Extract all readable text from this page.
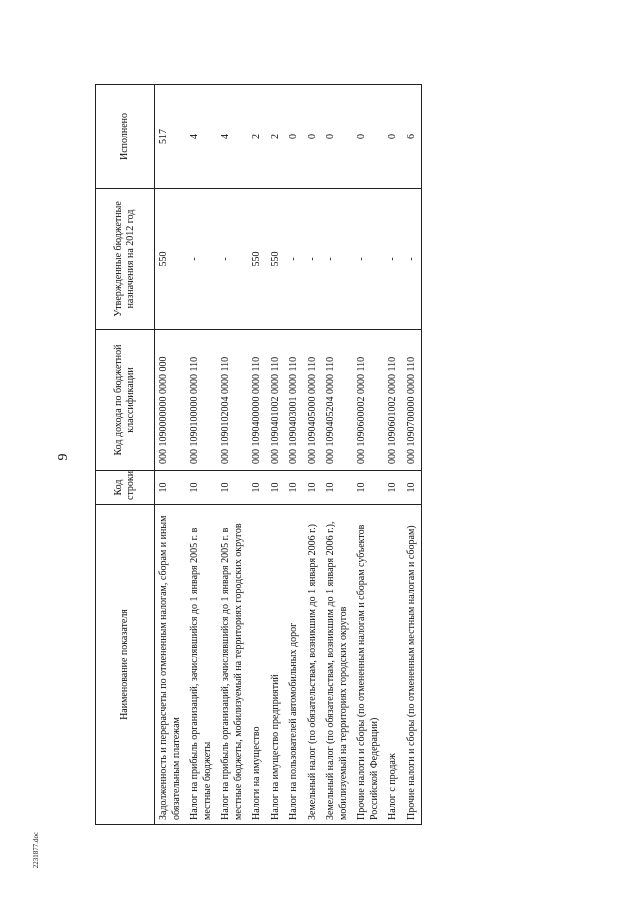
9
Наименование показателя	Код строки	Код дохода по бюджетной классификации	Утвержденные бюджетные назначения на 2012 год	Исполнено
Задолженность и перерасчеты по отмененным налогам, сборам и иным обязательным платежам	10	000 1090000000 0000 000	550	517
Налог на прибыль организаций, зачислявшийся до 1 января 2005 г. в местные бюджеты	10	000 1090100000 0000 110	-	4
Налог на прибыль организаций, зачислявшийся до 1 января 2005 г. в местные бюджеты, мобилизуемый на территориях городских округов	10	000 1090102004 0000 110	-	4
Налоги на имущество	10	000 1090400000 0000 110	550	2
Налог на имущество предприятий	10	000 1090401002 0000 110	550	2
Налог на пользователей автомобильных дорог	10	000 1090403001 0000 110	-	0
Земельный налог (по обязательствам, возникшим до 1 января 2006 г.)	10	000 1090405000 0000 110	-	0
Земельный налог (по обязательствам, возникшим до 1 января 2006 г.), мобилизуемый на территориях городских округов	10	000 1090405204 0000 110	-	0
Прочие налоги и сборы (по отмененным налогам и сборам субъектов Российской Федерации)	10	000 1090600002 0000 110	-	0
Налог с продаж	10	000 1090601002 0000 110	-	0
Прочие налоги и сборы (по отмененным местным налогам и сборам)	10	000 1090700000 0000 110	-	6
2231877.doc
